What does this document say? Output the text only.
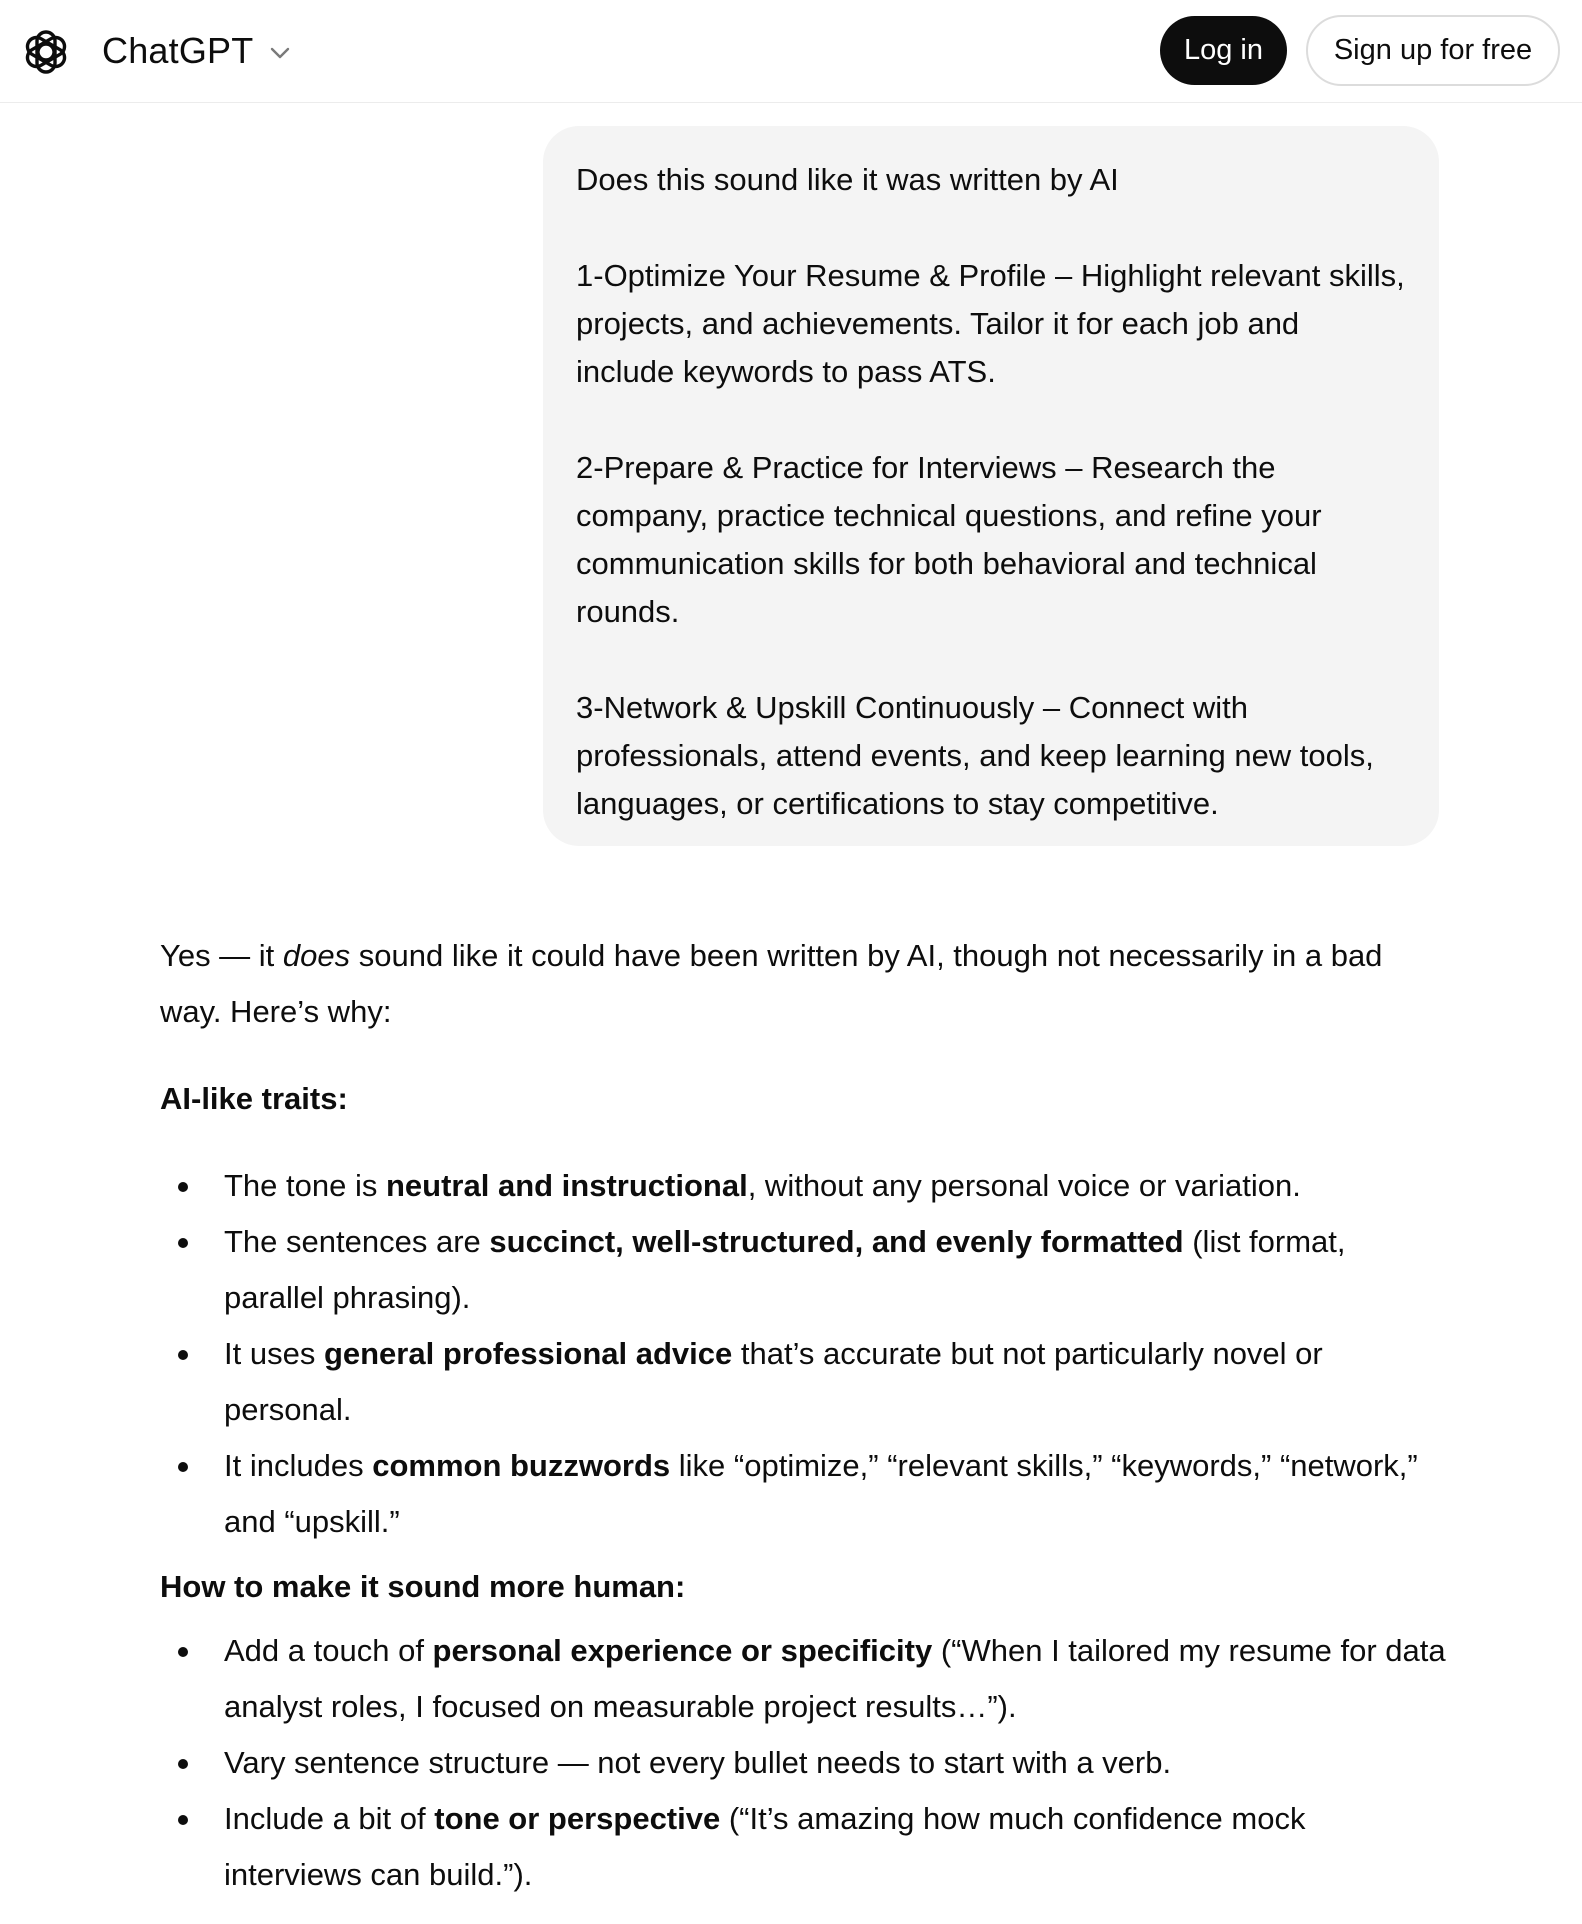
ChatGPT	Log in	Sign up for free

Does this sound like it was written by AI

1-Optimize Your Resume & Profile – Highlight relevant skills, projects, and achievements. Tailor it for each job and include keywords to pass ATS.

2-Prepare & Practice for Interviews – Research the company, practice technical questions, and refine your communication skills for both behavioral and technical rounds.

3-Network & Upskill Continuously – Connect with professionals, attend events, and keep learning new tools, languages, or certifications to stay competitive.

Yes — it does sound like it could have been written by AI, though not necessarily in a bad way. Here’s why:

AI-like traits:

The tone is neutral and instructional, without any personal voice or variation.
The sentences are succinct, well-structured, and evenly formatted (list format, parallel phrasing).
It uses general professional advice that’s accurate but not particularly novel or personal.
It includes common buzzwords like “optimize,” “relevant skills,” “keywords,” “network,” and “upskill.”

How to make it sound more human:

Add a touch of personal experience or specificity (“When I tailored my resume for data analyst roles, I focused on measurable project results…”).
Vary sentence structure — not every bullet needs to start with a verb.
Include a bit of tone or perspective (“It’s amazing how much confidence mock interviews can build.”).
